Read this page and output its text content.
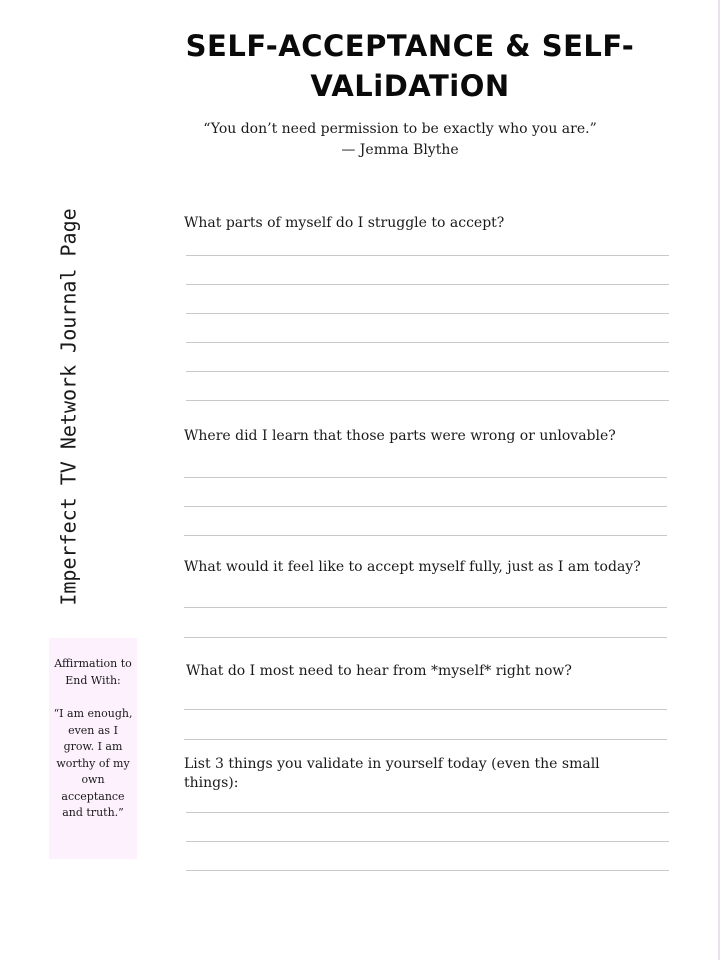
SELF-ACCEPTANCE & SELF-VALiDATiON
“You don’t need permission to be exactly who you are.”
— Jemma Blythe
Imperfect TV Network Journal Page

Affirmation to End With:

“I am enough, even as I grow. I am worthy of my own acceptance and truth.”

What parts of myself do I struggle to accept?

Where did I learn that those parts were wrong or unlovable?

What would it feel like to accept myself fully, just as I am today?

What do I most need to hear from *myself* right now?

List 3 things you validate in yourself today (even the small things):
